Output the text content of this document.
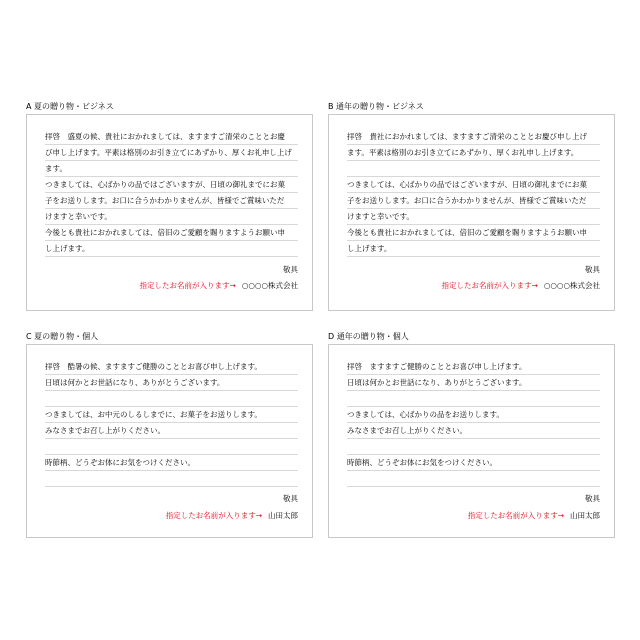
A 夏の贈り物・ビジネス
拝啓　盛夏の候、貴社におかれましては、ますますご清栄のこととお慶
び申し上げます。平素は格別のお引き立てにあずかり、厚くお礼申し上げ
ます。
つきましては、心ばかりの品ではございますが、日頃の御礼までにお菓
子をお送りします。お口に合うかわかりませんが、皆様でご賞味いただ
けますと幸いです。
今後とも貴社におかれましては、倍旧のご愛顧を賜りますようお願い申
し上げます。
敬具
指定したお名前が入ります→ ○○○○株式会社
B 通年の贈り物・ビジネス
拝啓　貴社におかれましては、ますますご清栄のこととお慶び申し上げ
ます。平素は格別のお引き立てにあずかり、厚くお礼申し上げます。
つきましては、心ばかりの品ではございますが、日頃の御礼までにお菓
子をお送りします。お口に合うかわかりませんが、皆様でご賞味いただ
けますと幸いです。
今後とも貴社におかれましては、倍旧のご愛顧を賜りますようお願い申
し上げます。
敬具
指定したお名前が入ります→ ○○○○株式会社
C 夏の贈り物・個人
拝啓　酷暑の候、ますますご健勝のこととお喜び申し上げます。
日頃は何かとお世話になり、ありがとうございます。
つきましては、お中元のしるしまでに、お菓子をお送りします。
みなさまでお召し上がりください。
時節柄、どうぞお体にお気をつけください。
敬具
指定したお名前が入ります→ 山田太郎
D 通年の贈り物・個人
拝啓　ますますご健勝のこととお喜び申し上げます。
日頃は何かとお世話になり、ありがとうございます。
つきましては、心ばかりの品をお送りします。
みなさまでお召し上がりください。
時節柄、どうぞお体にお気をつけください。
敬具
指定したお名前が入ります→ 山田太郎
